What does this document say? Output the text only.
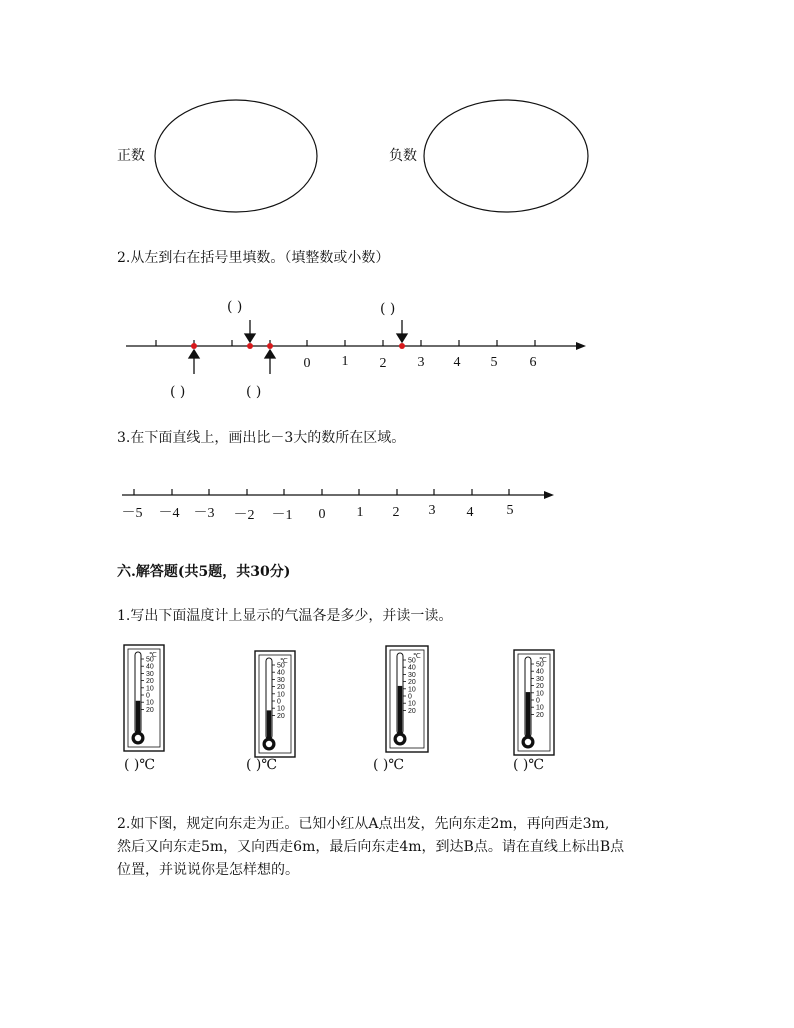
正数	负数
2.从左到右在括号里填数。（填整数或小数）
0 1 2 3 4 5 6
( )	( )
( )	( )
3.在下面直线上，画出比－3大的数所在区域。
－5 －4 －3 －2 －1 0 1 2 3 4 5
六.解答题(共5题，共30分)
1.写出下面温度计上显示的气温各是多少，并读一读。
50
40
30
20
10
0
10
20
℃
50
40
30
20
10
0
10
20
℃	50
40
30
20
10
0
10
20
℃
50
40
30
20
10
0
10
20
℃
( )℃	( )℃	( )℃	( )℃
2.如下图，规定向东走为正。已知小红从A点出发，先向东走2m，再向西走3m,
然后又向东走5m，又向西走6m，最后向东走4m，到达B点。请在直线上标出B点
位置，并说说你是怎样想的。
